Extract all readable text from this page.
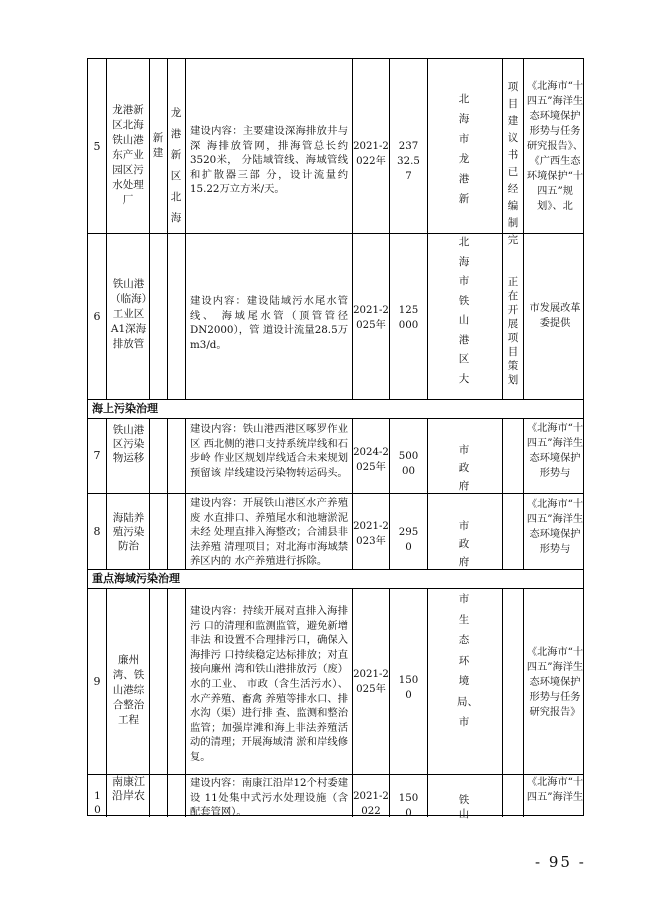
5
龙港新区北海铁山港东产业园区污水处理厂
新建
龙港新区北海
建设内容：主要建设深海排放井与深 海排放管网，排海管总长约3520米， 分陆域管线、海域管线和扩散器三部 分，设计流量约15.22万立方米/天。
2021-2022年
23732.57
北海市龙港新
项目建议书已经编制完
《北海市“十四五”海洋生态环境保护形势与任务研究报告》、《广西生态环境保护“十四五”规划》、北
6
铁山港（临海）工业区A1深海排放管
建设内容：建设陆域污水尾水管线、 海域尾水管（顶管管径DN2000），管 道设计流量28.5万m3/d。
2021-2025年
125000
北海市铁山港区大
正在开展项目策划
市发展改革委提供
海上污染治理
7
铁山港区污染物运移
建设内容：铁山港西港区啄罗作业区 西北侧的港口支持系统岸线和石步岭 作业区规划岸线适合未来规划预留该 岸线建设污染物转运码头。
2024-2025年
50000
市政府
《北海市“十四五”海洋生态环境保护形势与
8
海陆养殖污染防治
建设内容：开展铁山港区水产养殖废 水直排口、养殖尾水和池塘淤泥未经 处理直排入海整改；合浦县非法养殖 清理项目；对北海市海域禁养区内的 水产养殖进行拆除。
2021-2023年
2950
市政府
《北海市“十四五”海洋生态环境保护形势与
重点海域污染治理
9
廉州湾、铁山港综合整治工程
建设内容：持续开展对直排入海排污 口的清理和监测监管，避免新增非法 和设置不合理排污口，确保入海排污 口持续稳定达标排放；对直接向廉州 湾和铁山港排放污（废）水的工业、 市政（含生活污水）、水产养殖、畜禽 养殖等排水口、排水沟（渠）进行排 查、监测和整治监管；加强岸滩和海上非法养殖活动的清理；开展海域清 淤和岸线修复。
2021-2025年
1500
市生态环境局、市
《北海市“十四五”海洋生态环境保护形势与任务研究报告》
10
南康江沿岸农
建设内容：南康江沿岸12个村委建设 11处集中式污水处理设施（含配套管网）。
2021-2022
1500
铁山
《北海市“十四五”海洋生
- 95 -
